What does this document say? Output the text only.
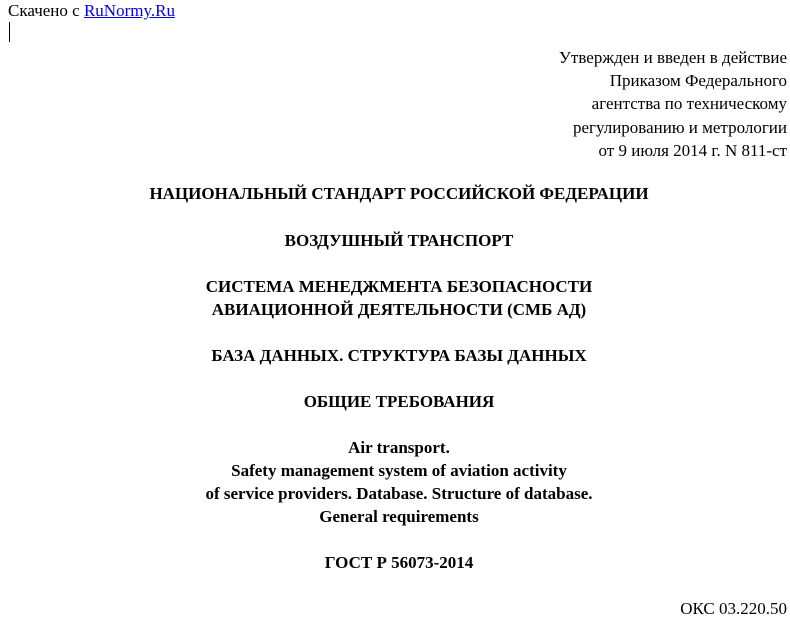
Скачено с RuNormy.Ru
Утвержден и введен в действие
Приказом Федерального
агентства по техническому
регулированию и метрологии
от 9 июля 2014 г. N 811-ст
НАЦИОНАЛЬНЫЙ СТАНДАРТ РОССИЙСКОЙ ФЕДЕРАЦИИ
ВОЗДУШНЫЙ ТРАНСПОРТ
СИСТЕМА МЕНЕДЖМЕНТА БЕЗОПАСНОСТИ
АВИАЦИОННОЙ ДЕЯТЕЛЬНОСТИ (СМБ АД)
БАЗА ДАННЫХ. СТРУКТУРА БАЗЫ ДАННЫХ
ОБЩИЕ ТРЕБОВАНИЯ
Air transport.
Safety management system of aviation activity
of service providers. Database. Structure of database.
General requirements
ГОСТ Р 56073-2014
ОКС 03.220.50
